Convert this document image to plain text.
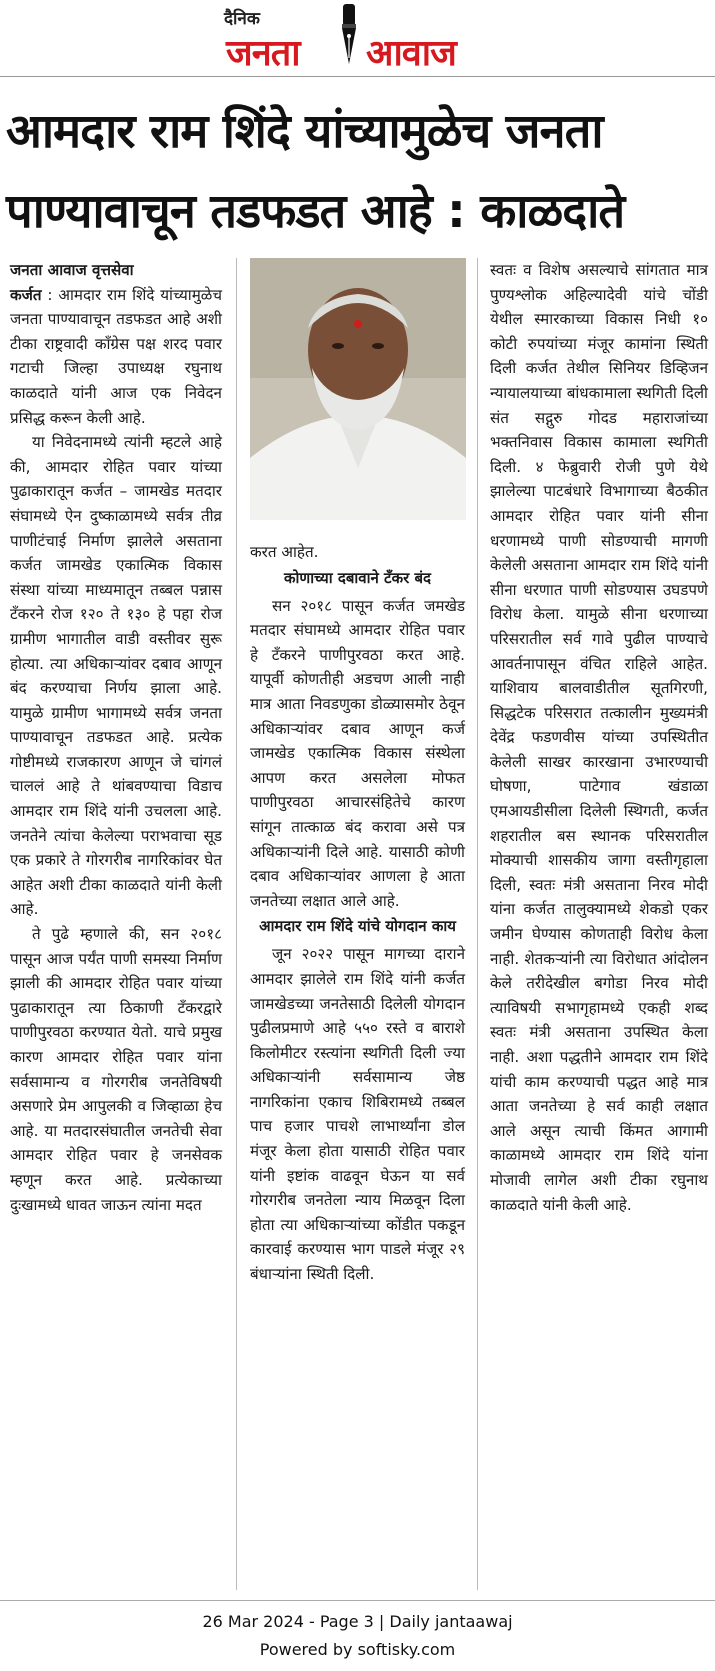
दैनिक
जनता आवाज
आमदार राम शिंदे यांच्यामुळेच जनता पाण्यावाचून तडफडत आहे : काळदाते

जनता आवाज वृत्तसेवा

कर्जत : आमदार राम शिंदे यांच्यामुळेच जनता पाण्यावाचून तडफडत आहे अशी टीका राष्ट्रवादी काँग्रेस पक्ष शरद पवार गटाची जिल्हा उपाध्यक्ष रघुनाथ काळदाते यांनी आज एक निवेदन प्रसिद्ध करून केली आहे.

या निवेदनामध्ये त्यांनी म्हटले आहे की, आमदार रोहित पवार यांच्या पुढाकारातून कर्जत – जामखेड मतदार संघामध्ये ऐन दुष्काळामध्ये सर्वत्र तीव्र पाणीटंचाई निर्माण झालेले असताना कर्जत जामखेड एकात्मिक विकास संस्था यांच्या माध्यमातून तब्बल पन्नास टँकरने रोज १२० ते १३० हे पहा रोज ग्रामीण भागातील वाडी वस्तीवर सुरू होत्या. त्या अधिकाऱ्यांवर दबाव आणून बंद करण्याचा निर्णय झाला आहे. यामुळे ग्रामीण भागामध्ये सर्वत्र जनता पाण्यावाचून तडफडत आहे. प्रत्येक गोष्टीमध्ये राजकारण आणून जे चांगलं चाललं आहे ते थांबवण्याचा विडाच आमदार राम शिंदे यांनी उचलला आहे. जनतेने त्यांचा केलेल्या पराभवाचा सूड एक प्रकारे ते गोरगरीब नागरिकांवर घेत आहेत अशी टीका काळदाते यांनी केली आहे.

ते पुढे म्हणाले की, सन २०१८ पासून आज पर्यंत पाणी समस्या निर्माण झाली की आमदार रोहित पवार यांच्या पुढाकारातून त्या ठिकाणी टँकरद्वारे पाणीपुरवठा करण्यात येतो. याचे प्रमुख कारण आमदार रोहित पवार यांना सर्वसामान्य व गोरगरीब जनतेविषयी असणारे प्रेम आपुलकी व जिव्हाळा हेच आहे. या मतदारसंघातील जनतेची सेवा आमदार रोहित पवार हे जनसेवक म्हणून करत आहे. प्रत्येकाच्या दुःखामध्ये धावत जाऊन त्यांना मदत

करत आहेत.

कोणाच्या दबावाने टँकर बंद

सन २०१८ पासून कर्जत जमखेड मतदार संघामध्ये आमदार रोहित पवार हे टँकरने पाणीपुरवठा करत आहे. यापूर्वी कोणतीही अडचण आली नाही मात्र आता निवडणुका डोळ्यासमोर ठेवून अधिकाऱ्यांवर दबाव आणून कर्ज जामखेड एकात्मिक विकास संस्थेला आपण करत असलेला मोफत पाणीपुरवठा आचारसंहितेचे कारण सांगून तात्काळ बंद करावा असे पत्र अधिकाऱ्यांनी दिले आहे. यासाठी कोणी दबाव अधिकाऱ्यांवर आणला हे आता जनतेच्या लक्षात आले आहे.

आमदार राम शिंदे यांचे योगदान काय

जून २०२२ पासून मागच्या दाराने आमदार झालेले राम शिंदे यांनी कर्जत जामखेडच्या जनतेसाठी दिलेली योगदान पुढीलप्रमाणे आहे ५५० रस्ते व बाराशे किलोमीटर रस्त्यांना स्थगिती दिली ज्या अधिकाऱ्यांनी सर्वसामान्य जेष्ठ नागरिकांना एकाच शिबिरामध्ये तब्बल पाच हजार पाचशे लाभार्थ्यांना डोल मंजूर केला होता यासाठी रोहित पवार यांनी इष्टांक वाढवून घेऊन या सर्व गोरगरीब जनतेला न्याय मिळवून दिला होता त्या अधिकाऱ्यांच्या कोंडीत पकडून कारवाई करण्यास भाग पाडले मंजूर २९ बंधाऱ्यांना स्थिती दिली.

स्वतः व विशेष असल्याचे सांगतात मात्र पुण्यश्लोक अहिल्यादेवी यांचे चोंडी येथील स्मारकाच्या विकास निधी १० कोटी रुपयांच्या मंजूर कामांना स्थिती दिली कर्जत तेथील सिनियर डिव्हिजन न्यायालयाच्या बांधकामाला स्थगिती दिली संत सद्गुरु गोदड महाराजांच्या भक्तनिवास विकास कामाला स्थगिती दिली. ४ फेब्रुवारी रोजी पुणे येथे झालेल्या पाटबंधारे विभागाच्या बैठकीत आमदार रोहित पवार यांनी सीना धरणामध्ये पाणी सोडण्याची मागणी केलेली असताना आमदार राम शिंदे यांनी सीना धरणात पाणी सोडण्यास उघडपणे विरोध केला. यामुळे सीना धरणाच्या परिसरातील सर्व गावे पुढील पाण्याचे आवर्तनापासून वंचित राहिले आहेत. याशिवाय बालवाडीतील सूतगिरणी, सिद्धटेक परिसरात तत्कालीन मुख्यमंत्री देवेंद्र फडणवीस यांच्या उपस्थितीत केलेली साखर कारखाना उभारण्याची घोषणा, पाटेगाव खंडाळा एमआयडीसीला दिलेली स्थिगती, कर्जत शहरातील बस स्थानक परिसरातील मोक्याची शासकीय जागा वस्तीगृहाला दिली, स्वतः मंत्री असताना निरव मोदी यांना कर्जत तालुक्यामध्ये शेकडो एकर जमीन घेण्यास कोणताही विरोध केला नाही. शेतकऱ्यांनी त्या विरोधात आंदोलन केले तरीदेखील बगोडा निरव मोदी त्याविषयी सभागृहामध्ये एकही शब्द स्वतः मंत्री असताना उपस्थित केला नाही. अशा पद्धतीने आमदार राम शिंदे यांची काम करण्याची पद्धत आहे मात्र आता जनतेच्या हे सर्व काही लक्षात आले असून त्याची किंमत आगामी काळामध्ये आमदार राम शिंदे यांना मोजावी लागेल अशी टीका रघुनाथ काळदाते यांनी केली आहे.

26 Mar 2024 - Page 3 | Daily jantaawaj
Powered by softisky.com
